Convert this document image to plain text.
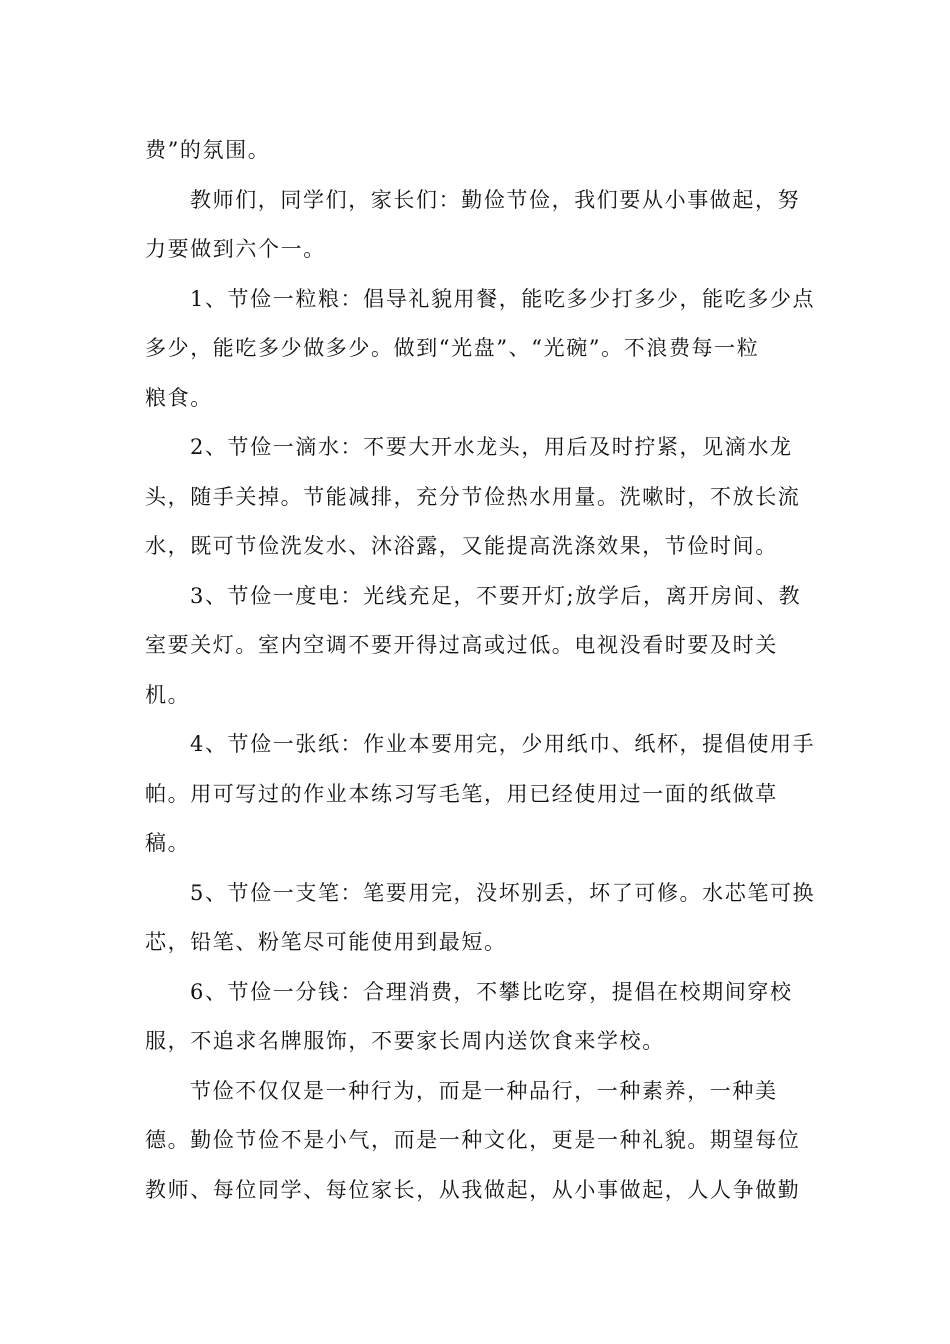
费”的氛围。
教师们，同学们，家长们：勤俭节俭，我们要从小事做起，努
力要做到六个一。
1、节俭一粒粮：倡导礼貌用餐，能吃多少打多少，能吃多少点
多少，能吃多少做多少。做到“光盘”、“光碗”。不浪费每一粒
粮食。
2、节俭一滴水：不要大开水龙头，用后及时拧紧，见滴水龙
头，随手关掉。节能减排，充分节俭热水用量。洗嗽时，不放长流
水，既可节俭洗发水、沐浴露，又能提高洗涤效果，节俭时间。
3、节俭一度电：光线充足，不要开灯;放学后，离开房间、教
室要关灯。室内空调不要开得过高或过低。电视没看时要及时关
机。
4、节俭一张纸：作业本要用完，少用纸巾、纸杯，提倡使用手
帕。用可写过的作业本练习写毛笔，用已经使用过一面的纸做草
稿。
5、节俭一支笔：笔要用完，没坏别丢，坏了可修。水芯笔可换
芯，铅笔、粉笔尽可能使用到最短。
6、节俭一分钱：合理消费，不攀比吃穿，提倡在校期间穿校
服，不追求名牌服饰，不要家长周内送饮食来学校。
节俭不仅仅是一种行为，而是一种品行，一种素养，一种美
德。勤俭节俭不是小气，而是一种文化，更是一种礼貌。期望每位
教师、每位同学、每位家长，从我做起，从小事做起，人人争做勤
